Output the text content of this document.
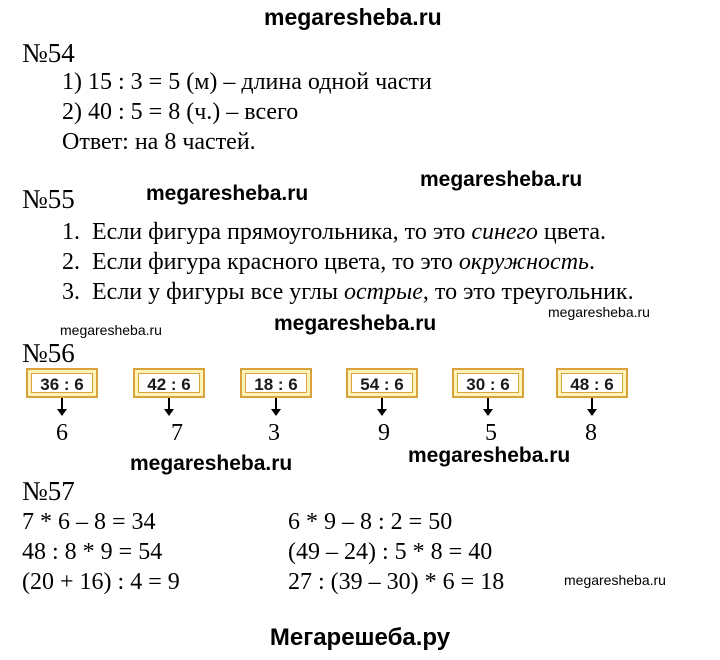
megaresheba.ru
megaresheba.ru
megaresheba.ru
megaresheba.ru	megaresheba.ru	megaresheba.ru
megaresheba.ru	megaresheba.ru
megaresheba.ru
№54
1) 15 : 3 = 5 (м) – длина одной части
2) 40 : 5 = 8 (ч.) – всего
Ответ: на 8 частей.
№55
1. Если фигура прямоугольника, то это синего цвета.
2. Если фигура красного цвета, то это окружность.
3. Если у фигуры все углы острые, то это треугольник.
№56
36 : 6
6
42 : 6
7
18 : 6
3
54 : 6
9
30 : 6
5
48 : 6
8
№57
7 * 6 – 8 = 34
48 : 8 * 9 = 54
(20 + 16) : 4 = 9
6 * 9 – 8 : 2 = 50
(49 – 24) : 5 * 8 = 40
27 : (39 – 30) * 6 = 18
Мегарешеба.ру
